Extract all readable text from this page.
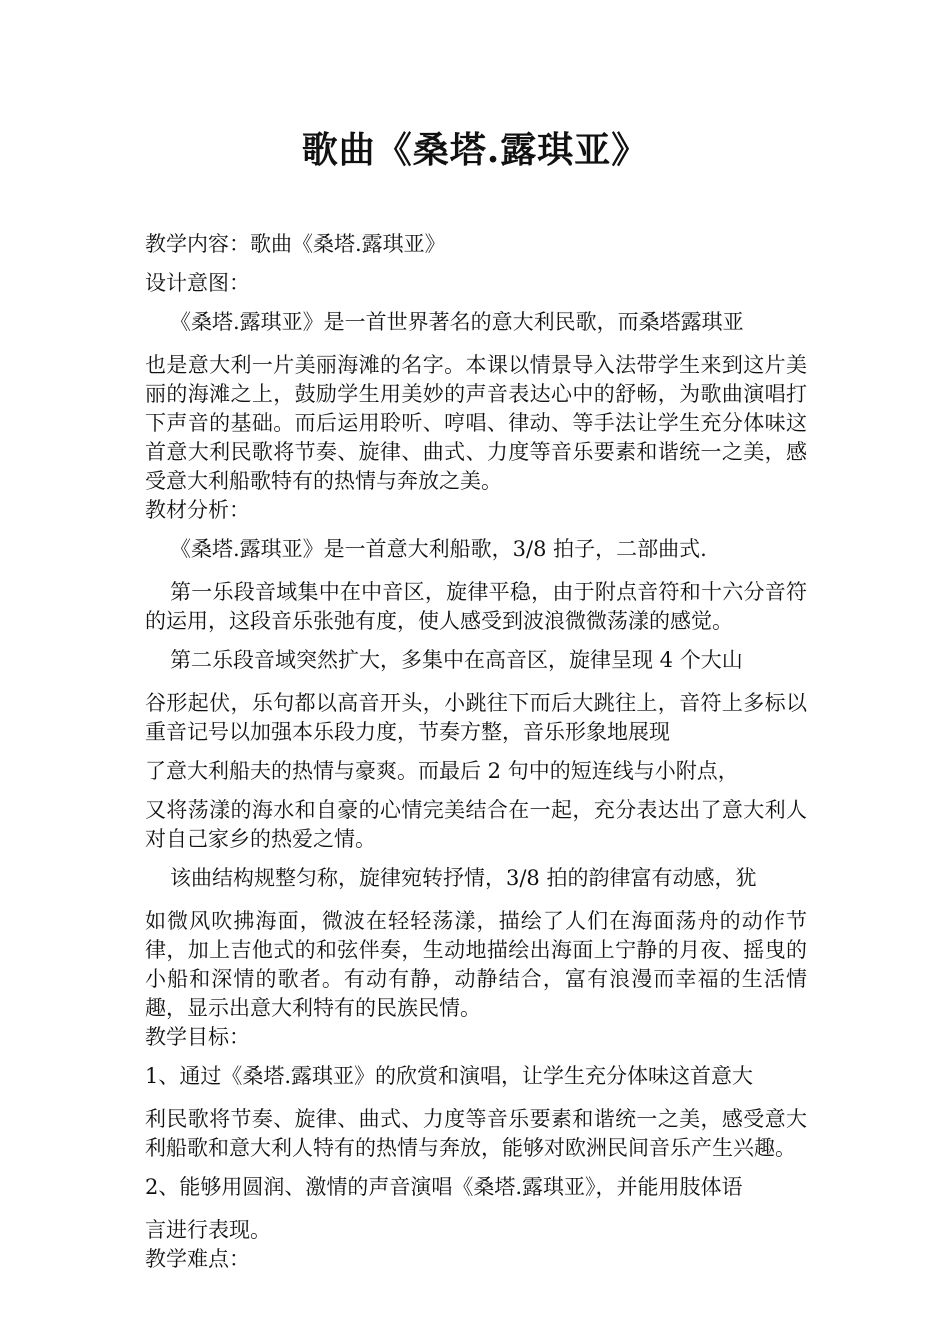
歌曲《桑塔.露琪亚》

教学内容：歌曲《桑塔.露琪亚》

设计意图：

《桑塔.露琪亚》是一首世界著名的意大利民歌，而桑塔露琪亚

也是意大利一片美丽海滩的名字。本课以情景导入法带学生来到这片美丽的海滩之上，鼓励学生用美妙的声音表达心中的舒畅，为歌曲演唱打下声音的基础。而后运用聆听、哼唱、律动、等手法让学生充分体味这首意大利民歌将节奏、旋律、曲式、力度等音乐要素和谐统一之美，感受意大利船歌特有的热情与奔放之美。

教材分析：

《桑塔.露琪亚》是一首意大利船歌，3/8 拍子，二部曲式.

第一乐段音域集中在中音区，旋律平稳，由于附点音符和十六分音符的运用，这段音乐张弛有度，使人感受到波浪微微荡漾的感觉。

第二乐段音域突然扩大，多集中在高音区，旋律呈现 4 个大山

谷形起伏，乐句都以高音开头，小跳往下而后大跳往上，音符上多标以重音记号以加强本乐段力度，节奏方整，音乐形象地展现

了意大利船夫的热情与豪爽。而最后 2 句中的短连线与小附点，

又将荡漾的海水和自豪的心情完美结合在一起，充分表达出了意大利人对自己家乡的热爱之情。

该曲结构规整匀称，旋律宛转抒情，3/8 拍的韵律富有动感，犹

如微风吹拂海面，微波在轻轻荡漾，描绘了人们在海面荡舟的动作节律，加上吉他式的和弦伴奏，生动地描绘出海面上宁静的月夜、摇曳的小船和深情的歌者。有动有静，动静结合，富有浪漫而幸福的生活情趣，显示出意大利特有的民族民情。

教学目标：

1、通过《桑塔.露琪亚》的欣赏和演唱，让学生充分体味这首意大

利民歌将节奏、旋律、曲式、力度等音乐要素和谐统一之美，感受意大利船歌和意大利人特有的热情与奔放，能够对欧洲民间音乐产生兴趣。

2、能够用圆润、激情的声音演唱《桑塔.露琪亚》，并能用肢体语

言进行表现。

教学难点：
